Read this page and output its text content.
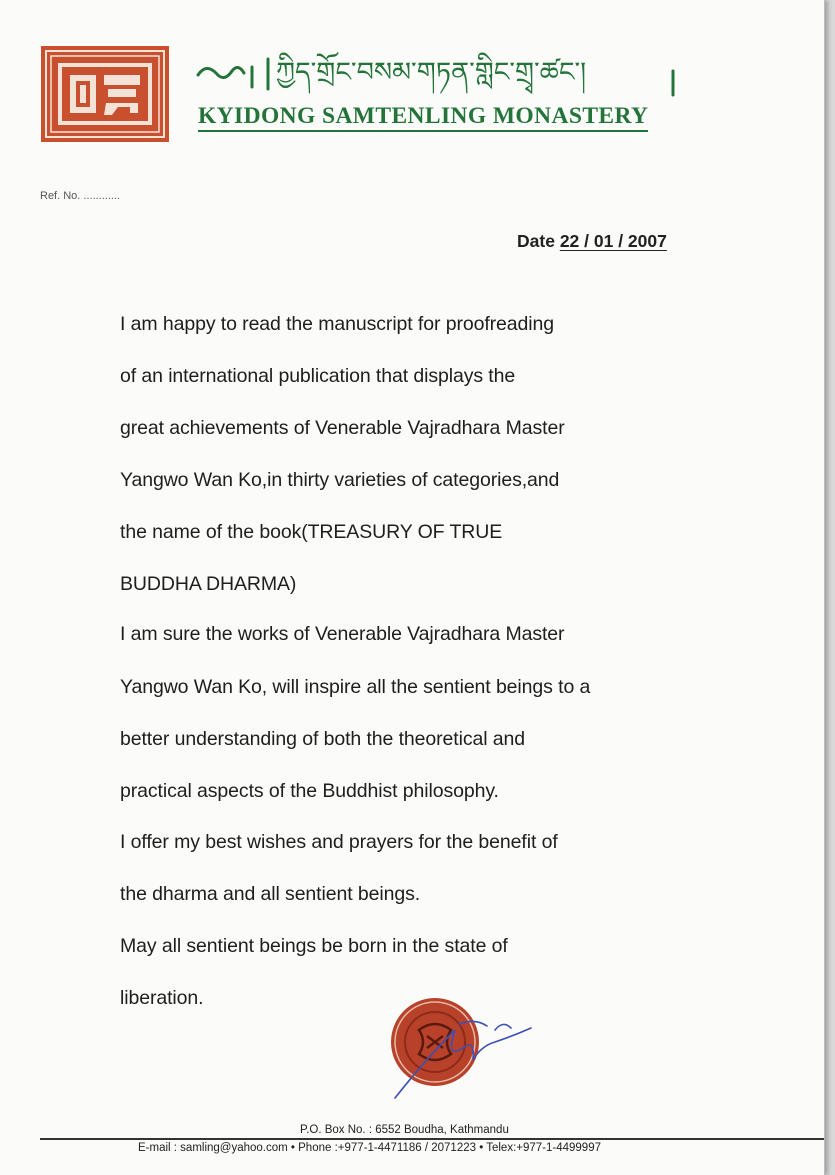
ཀྱིད་གྲོང་བསམ་གཏན་གླིང་གྲྭ་ཚང་།
KYIDONG SAMTENLING MONASTERY
Ref. No. ............
Date 22 / 01 / 2007
I am happy to read the manuscript for proofreading
of an international publication that displays the
great achievements of Venerable Vajradhara Master
Yangwo Wan Ko,in thirty varieties of categories,and
the name of the book(TREASURY OF TRUE
BUDDHA DHARMA)
I am sure the works of Venerable Vajradhara Master
Yangwo Wan Ko, will inspire all the sentient beings to a
better understanding of both the theoretical and
practical aspects of the Buddhist philosophy.
I offer my best wishes and prayers for the benefit of
the dharma and all sentient beings.
May all sentient beings be born in the state of
liberation.
P.O. Box No. : 6552 Boudha, Kathmandu
E-mail : samling@yahoo.com • Phone :+977-1-4471186 / 2071223 • Telex:+977-1-4499997
